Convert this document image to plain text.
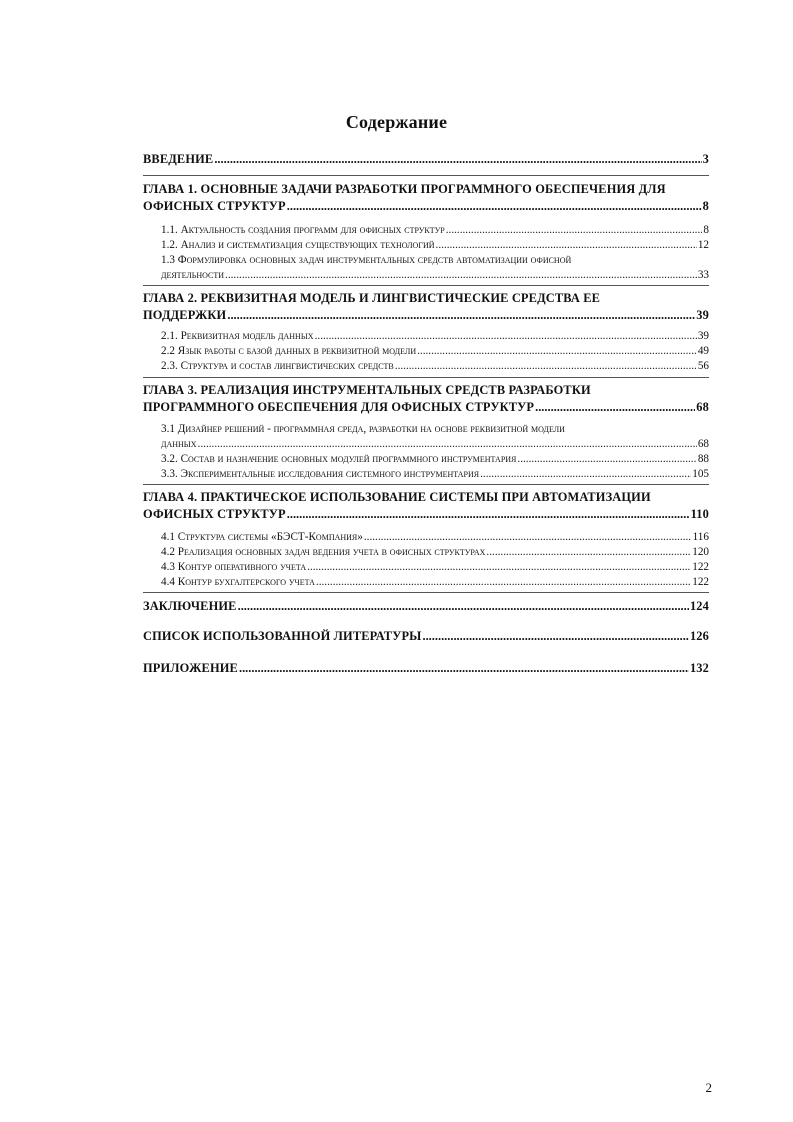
Содержание
ВВЕДЕНИЕ .....	3
ГЛАВА 1. ОСНОВНЫЕ ЗАДАЧИ РАЗРАБОТКИ ПРОГРАММНОГО ОБЕСПЕЧЕНИЯ ДЛЯ
ОФИСНЫХ СТРУКТУР .....	8
1.1. Актуальность создания программ для офисных структур .....	8
1.2. Анализ и систематизация существующих технологий .....	12
1.3 Формулировка основных задач инструментальных средств автоматизации офисной
деятельности .....	33
ГЛАВА 2. РЕКВИЗИТНАЯ МОДЕЛЬ И ЛИНГВИСТИЧЕСКИЕ СРЕДСТВА ЕЕ
ПОДДЕРЖКИ .....	39
2.1. Реквизитная модель данных .....	39
2.2 Язык работы с базой данных в реквизитной модели .....	49
2.3. Структура и состав лингвистических средств .....	56
ГЛАВА 3. РЕАЛИЗАЦИЯ ИНСТРУМЕНТАЛЬНЫХ СРЕДСТВ РАЗРАБОТКИ
ПРОГРАММНОГО ОБЕСПЕЧЕНИЯ ДЛЯ ОФИСНЫХ СТРУКТУР .....	68
3.1 Дизайнер решений - программная среда, разработки на основе реквизитной модели
данных .....	68
3.2. Состав и назначение основных модулей программного инструментария .....	88
3.3. Экспериментальные исследования системного инструментария .....	105
ГЛАВА 4. ПРАКТИЧЕСКОЕ ИСПОЛЬЗОВАНИЕ СИСТЕМЫ ПРИ АВТОМАТИЗАЦИИ
ОФИСНЫХ СТРУКТУР .....	110
4.1 Структура системы «БЭСТ-Компания» .....	116
4.2 Реализация основных задач ведения учета в офисных структурах .....	120
4.3 Контур оперативного учета .....	122
4.4 Контур бухгалтерского учета .....	122
ЗАКЛЮЧЕНИЕ .....	124
СПИСОК ИСПОЛЬЗОВАННОЙ ЛИТЕРАТУРЫ .....	126
ПРИЛОЖЕНИЕ .....	132
2
